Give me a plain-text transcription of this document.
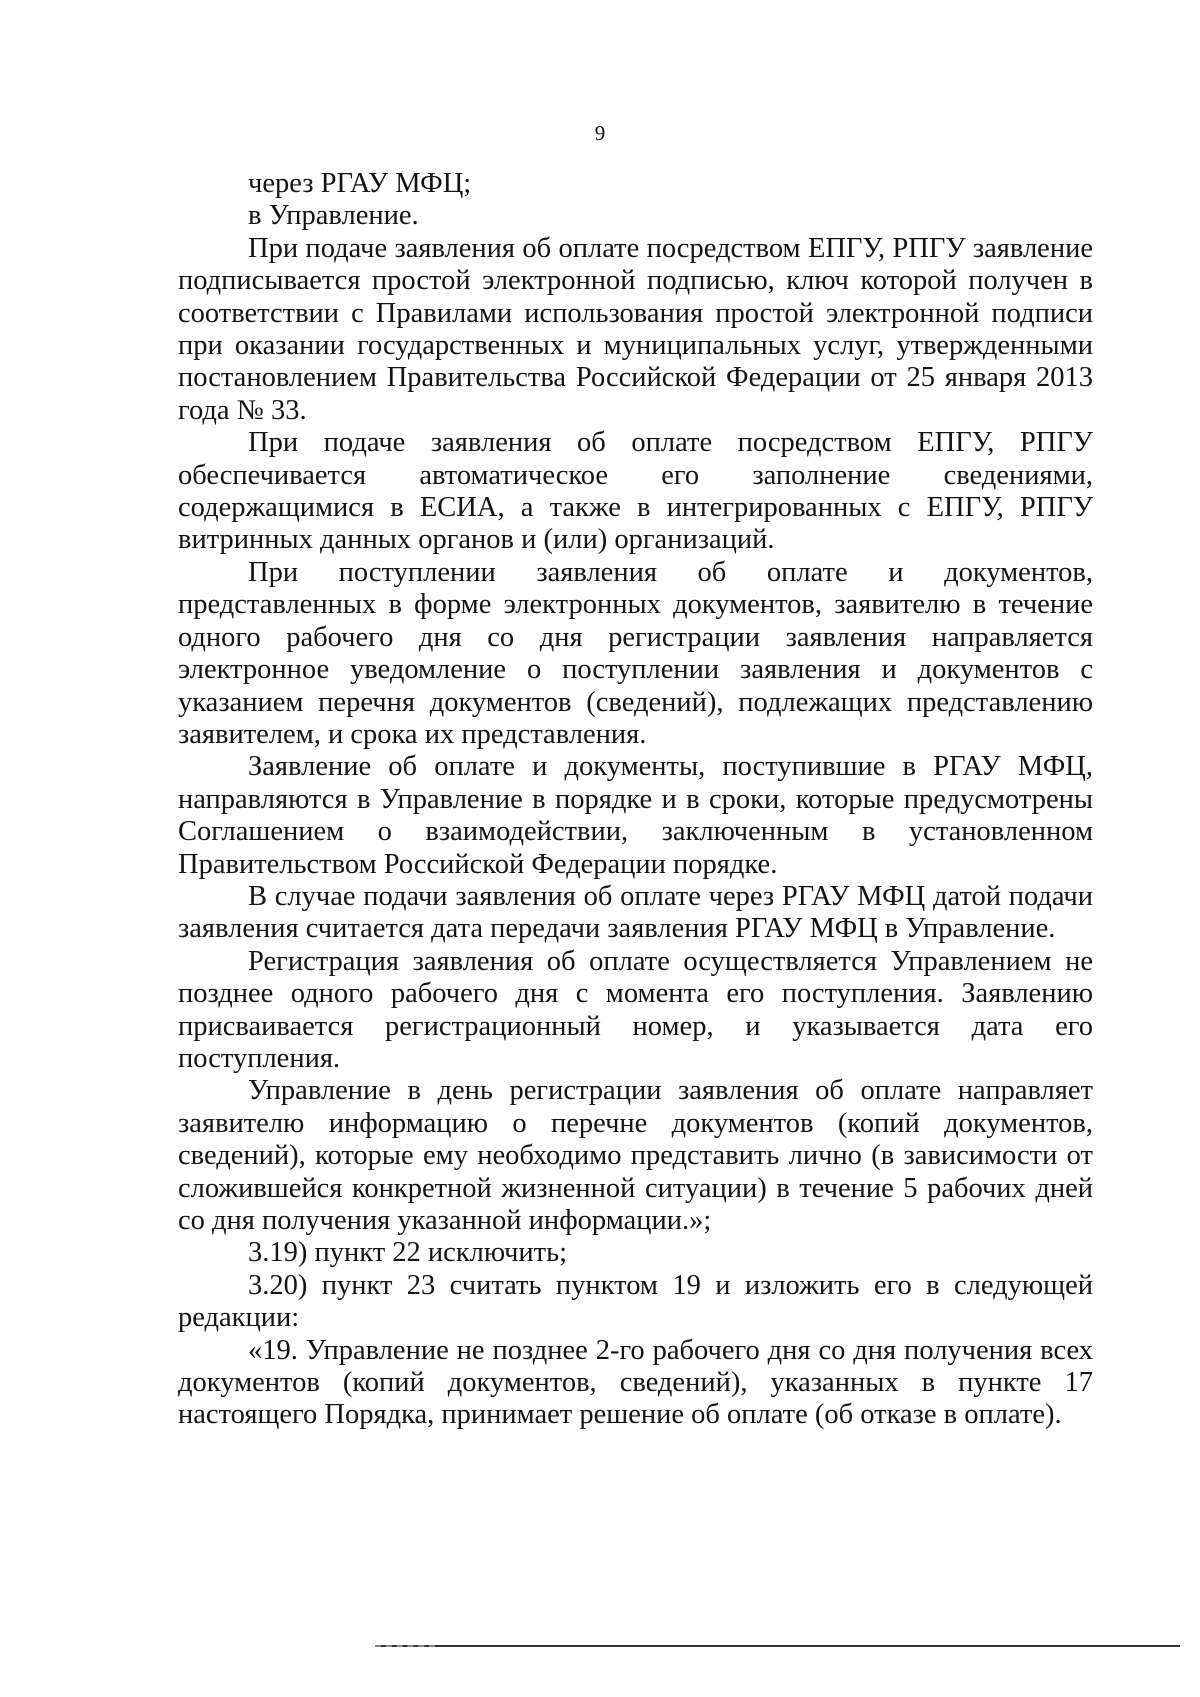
9

через РГАУ МФЦ;

в Управление.

При подаче заявления об оплате посредством ЕПГУ, РПГУ заявление подписывается простой электронной подписью, ключ которой получен в соответствии с Правилами использования простой электронной подписи при оказании государственных и муниципальных услуг, утвержденными постановлением Правительства Российской Федерации от 25 января 2013 года № 33.

При подаче заявления об оплате посредством ЕПГУ, РПГУ обеспечивается автоматическое его заполнение сведениями, содержащимися в ЕСИА, а также в интегрированных с ЕПГУ, РПГУ витринных данных органов и (или) организаций.

При поступлении заявления об оплате и документов, представленных в форме электронных документов, заявителю в течение одного рабочего дня со дня регистрации заявления направляется электронное уведомление о поступлении заявления и документов с указанием перечня документов (сведений), подлежащих представлению заявителем, и срока их представления.

Заявление об оплате и документы, поступившие в РГАУ МФЦ, направляются в Управление в порядке и в сроки, которые предусмотрены Соглашением о взаимодействии, заключенным в установленном Правительством Российской Федерации порядке.

В случае подачи заявления об оплате через РГАУ МФЦ датой подачи заявления считается дата передачи заявления РГАУ МФЦ в Управление.

Регистрация заявления об оплате осуществляется Управлением не позднее одного рабочего дня с момента его поступления. Заявлению присваивается регистрационный номер, и указывается дата его поступления.

Управление в день регистрации заявления об оплате направляет заявителю информацию о перечне документов (копий документов, сведений), которые ему необходимо представить лично (в зависимости от сложившейся конкретной жизненной ситуации) в течение 5 рабочих дней со дня получения указанной информации.»;

3.19) пункт 22 исключить;

3.20) пункт 23 считать пунктом 19 и изложить его в следующей редакции:

«19. Управление не позднее 2-го рабочего дня со дня получения всех документов (копий документов, сведений), указанных в пункте 17 настоящего Порядка, принимает решение об оплате (об отказе в оплате).
